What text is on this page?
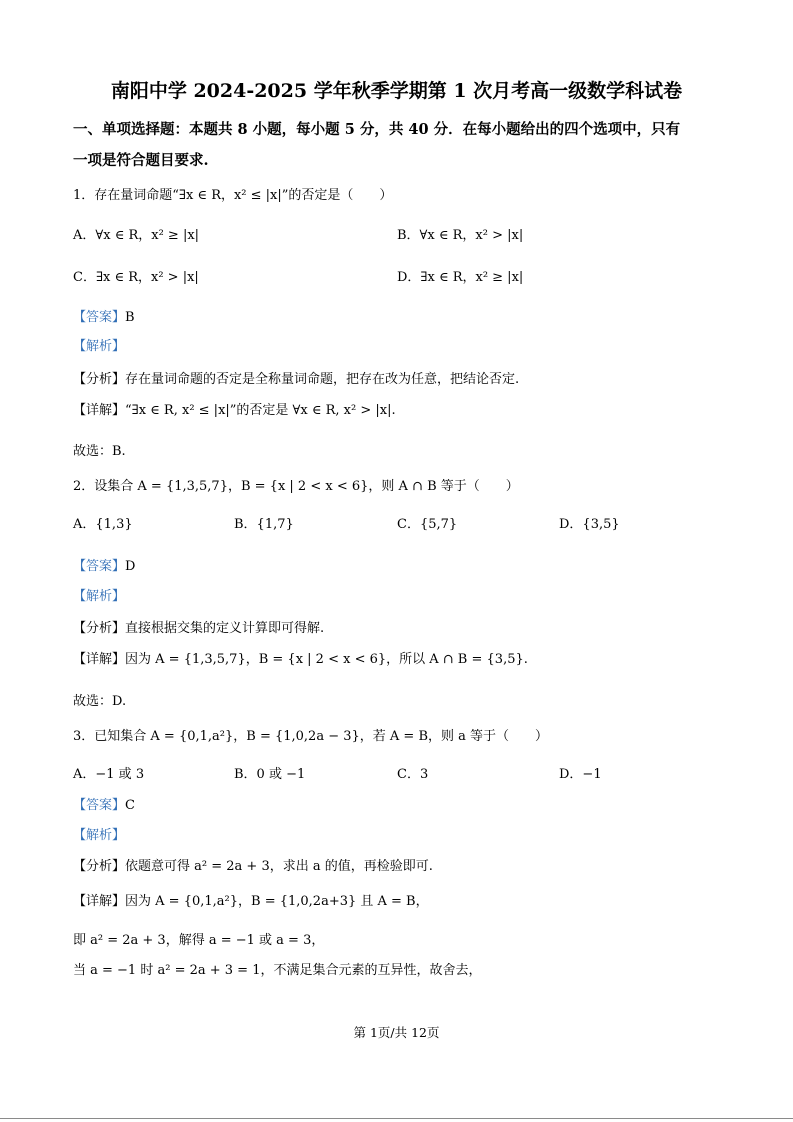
南阳中学 2024-2025 学年秋季学期第 1 次月考高一级数学科试卷
一、单项选择题：本题共 8 小题，每小题 5 分，共 40 分．在每小题给出的四个选项中，只有
一项是符合题目要求.
1．存在量词命题“∃x ∈ R，x² ≤ |x|”的否定是（　　）
A．∀x ∈ R，x² ≥ |x|	B．∀x ∈ R，x² > |x|
C．∃x ∈ R，x² > |x|	D．∃x ∈ R，x² ≥ |x|
【答案】B
【解析】
【分析】存在量词命题的否定是全称量词命题，把存在改为任意，把结论否定.
【详解】“∃x ∈ R, x² ≤ |x|”的否定是 ∀x ∈ R, x² > |x|.
故选：B.
2．设集合 A = {1,3,5,7}，B = {x | 2 < x < 6}，则 A ∩ B 等于（　　）
A．{1,3}	B．{1,7}	C．{5,7}	D．{3,5}
【答案】D
【解析】
【分析】直接根据交集的定义计算即可得解.
【详解】因为 A = {1,3,5,7}，B = {x | 2 < x < 6}，所以 A ∩ B = {3,5}.
故选：D.
3．已知集合 A = {0,1,a²}，B = {1,0,2a − 3}，若 A = B，则 a 等于（　　）
A．−1 或 3	B．0 或 −1	C．3	D．−1
【答案】C
【解析】
【分析】依题意可得 a² = 2a + 3，求出 a 的值，再检验即可.
【详解】因为 A = {0,1,a²}，B = {1,0,2a+3} 且 A = B，
即 a² = 2a + 3，解得 a = −1 或 a = 3，
当 a = −1 时 a² = 2a + 3 = 1，不满足集合元素的互异性，故舍去，
第 1页/共 12页
